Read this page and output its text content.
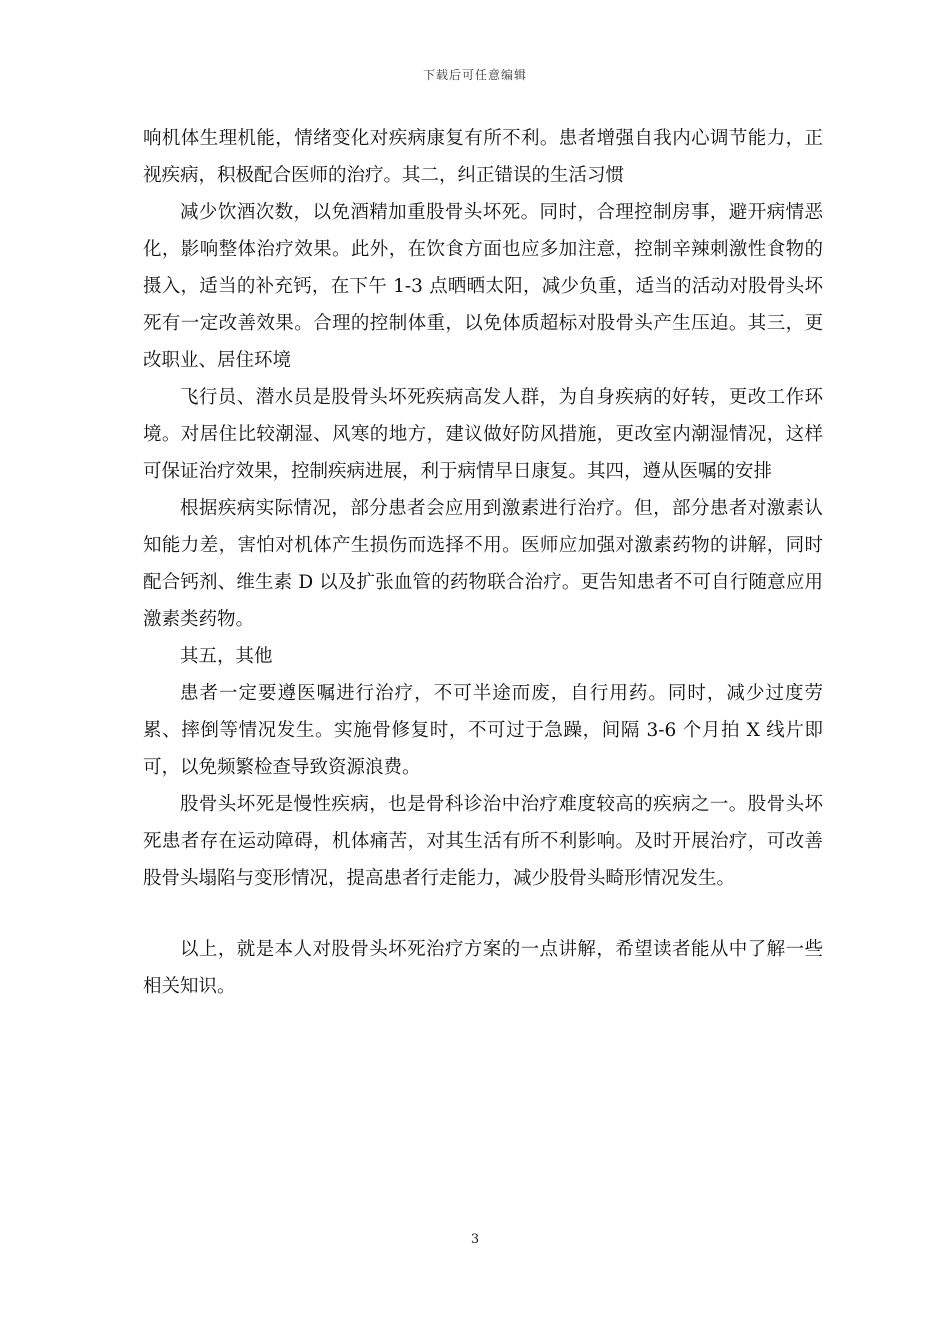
下载后可任意编辑

响机体生理机能，情绪变化对疾病康复有所不利。患者增强自我内心调节能力，正视疾病，积极配合医师的治疗。其二，纠正错误的生活习惯

减少饮酒次数，以免酒精加重股骨头坏死。同时，合理控制房事，避开病情恶化，影响整体治疗效果。此外，在饮食方面也应多加注意，控制辛辣刺激性食物的摄入，适当的补充钙，在下午 1-3 点晒晒太阳，减少负重，适当的活动对股骨头坏死有一定改善效果。合理的控制体重，以免体质超标对股骨头产生压迫。其三，更改职业、居住环境

飞行员、潜水员是股骨头坏死疾病高发人群，为自身疾病的好转，更改工作环境。对居住比较潮湿、风寒的地方，建议做好防风措施，更改室内潮湿情况，这样可保证治疗效果，控制疾病进展，利于病情早日康复。其四，遵从医嘱的安排

根据疾病实际情况，部分患者会应用到激素进行治疗。但，部分患者对激素认知能力差，害怕对机体产生损伤而选择不用。医师应加强对激素药物的讲解，同时配合钙剂、维生素 D 以及扩张血管的药物联合治疗。更告知患者不可自行随意应用激素类药物。

其五，其他

患者一定要遵医嘱进行治疗，不可半途而废，自行用药。同时，减少过度劳累、摔倒等情况发生。实施骨修复时，不可过于急躁，间隔 3-6 个月拍 X 线片即可，以免频繁检查导致资源浪费。

股骨头坏死是慢性疾病，也是骨科诊治中治疗难度较高的疾病之一。股骨头坏死患者存在运动障碍，机体痛苦，对其生活有所不利影响。及时开展治疗，可改善股骨头塌陷与变形情况，提高患者行走能力，减少股骨头畸形情况发生。

以上，就是本人对股骨头坏死治疗方案的一点讲解，希望读者能从中了解一些相关知识。

3
